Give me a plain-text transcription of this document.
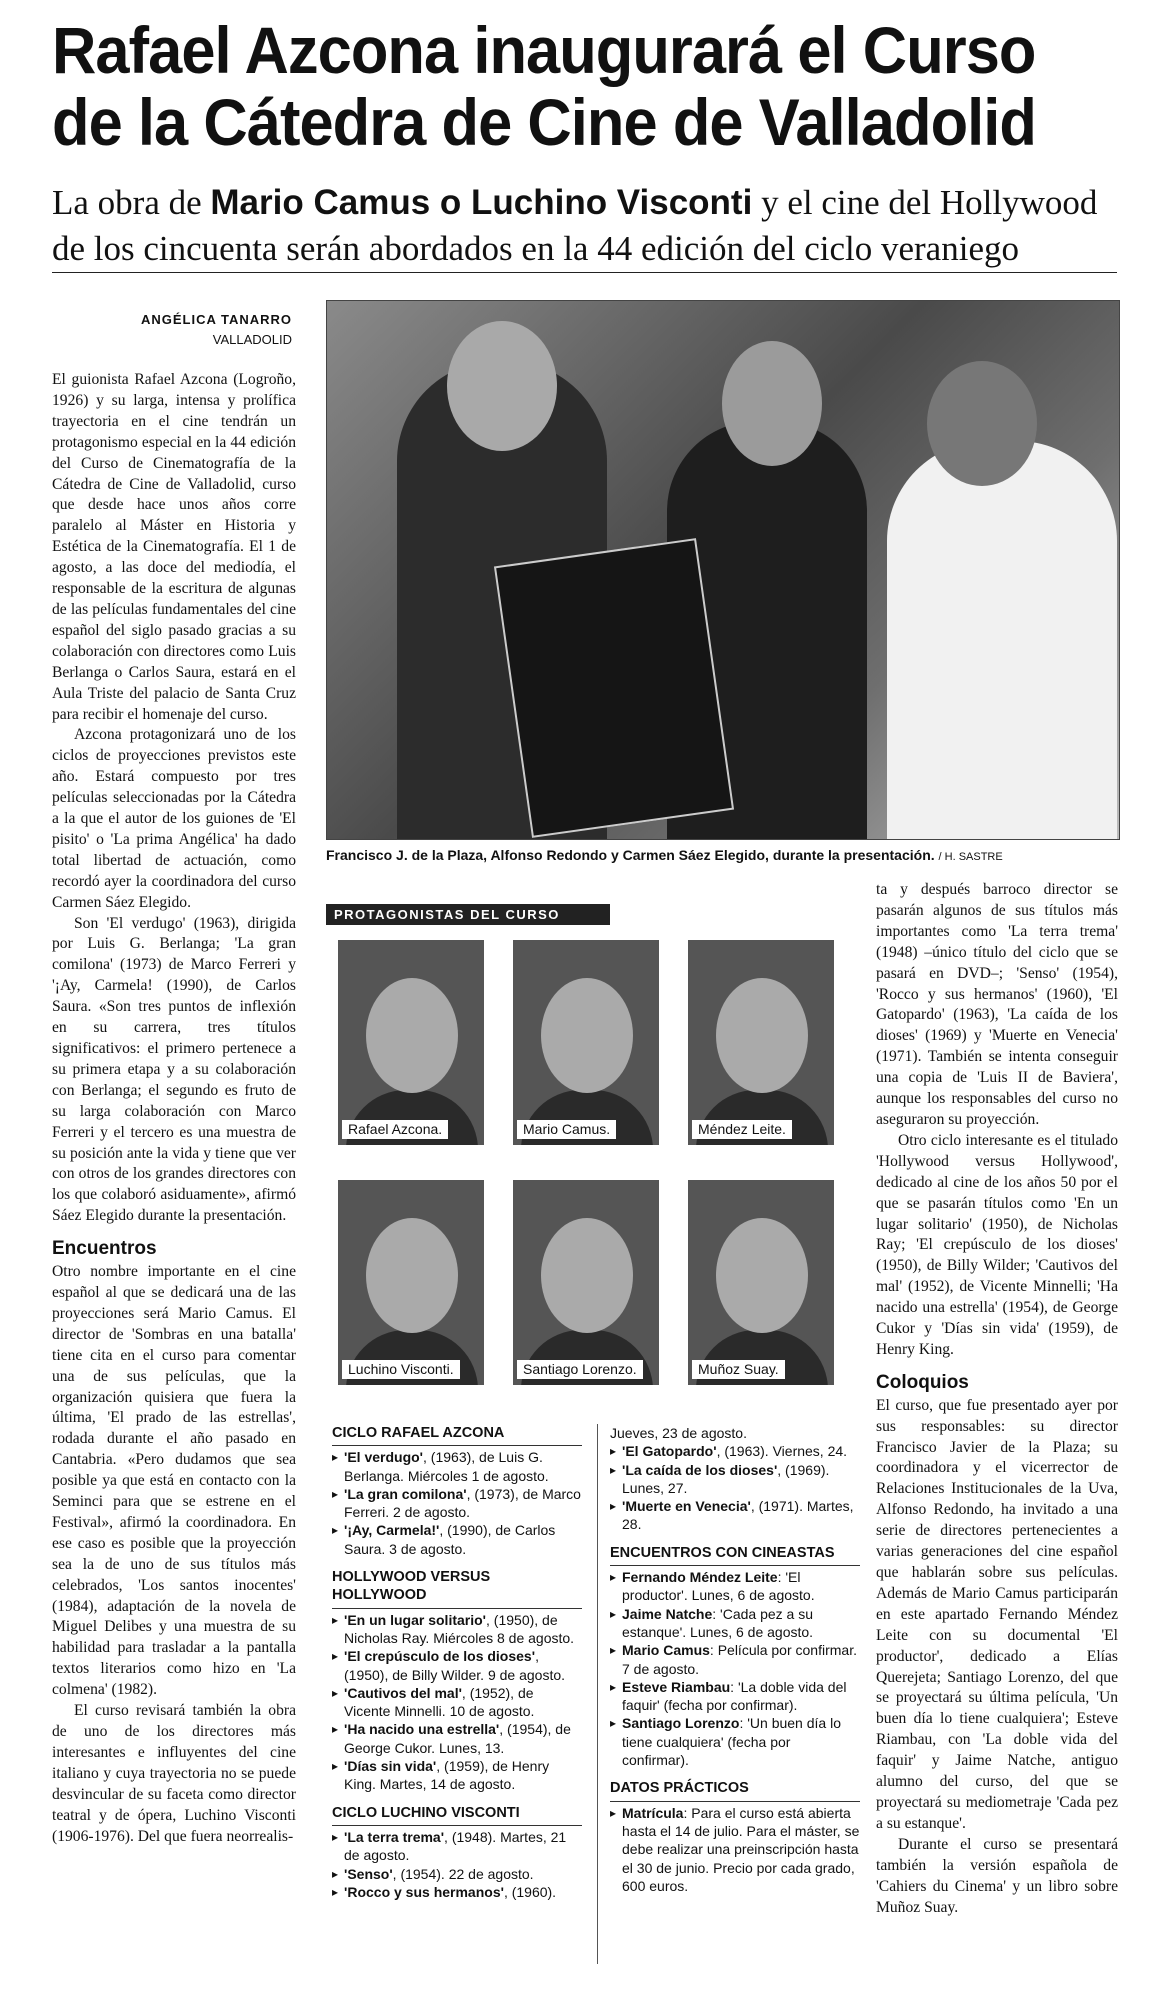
Rafael Azcona inaugurará el Curso
de la Cátedra de Cine de Valladolid
La obra de Mario Camus o Luchino Visconti y el cine del Hollywood
de los cincuenta serán abordados en la 44 edición del ciclo veraniego
ANGÉLICA TANARRO
VALLADOLID

El guionista Rafael Azcona (Logroño, 1926) y su larga, intensa y prolífica trayectoria en el cine tendrán un protagonismo especial en la 44 edición del Curso de Cinematografía de la Cátedra de Cine de Valladolid, curso que desde hace unos años corre paralelo al Máster en Historia y Estética de la Cinematografía. El 1 de agosto, a las doce del mediodía, el responsable de la escritura de algunas de las películas fundamentales del cine español del siglo pasado gracias a su colaboración con directores como Luis Berlanga o Carlos Saura, estará en el Aula Triste del palacio de Santa Cruz para recibir el homenaje del curso.

Azcona protagonizará uno de los ciclos de proyecciones previstos este año. Estará compuesto por tres películas seleccionadas por la Cátedra a la que el autor de los guiones de 'El pisito' o 'La prima Angélica' ha dado total libertad de actuación, como recordó ayer la coordinadora del curso Carmen Sáez Elegido.

Son 'El verdugo' (1963), dirigida por Luis G. Berlanga; 'La gran comilona' (1973) de Marco Ferreri y '¡Ay, Carmela! (1990), de Carlos Saura. «Son tres puntos de inflexión en su carrera, tres títulos significativos: el primero pertenece a su primera etapa y a su colaboración con Berlanga; el segundo es fruto de su larga colaboración con Marco Ferreri y el tercero es una muestra de su posición ante la vida y tiene que ver con otros de los grandes directores con los que colaboró asiduamente», afirmó Sáez Elegido durante la presentación.

Encuentros

Otro nombre importante en el cine español al que se dedicará una de las proyecciones será Mario Camus. El director de 'Sombras en una batalla' tiene cita en el curso para comentar una de sus películas, que la organización quisiera que fuera la última, 'El prado de las estrellas', rodada durante el año pasado en Cantabria. «Pero dudamos que sea posible ya que está en contacto con la Seminci para que se estrene en el Festival», afirmó la coordinadora. En ese caso es posible que la proyección sea la de uno de sus títulos más celebrados, 'Los santos inocentes' (1984), adaptación de la novela de Miguel Delibes y una muestra de su habilidad para trasladar a la pantalla textos literarios como hizo en 'La colmena' (1982).

El curso revisará también la obra de uno de los directores más interesantes e influyentes del cine italiano y cuya trayectoria no se puede desvincular de su faceta como director teatral y de ópera, Luchino Visconti (1906-1976). Del que fuera neorrealis-

Francisco J. de la Plaza, Alfonso Redondo y Carmen Sáez Elegido, durante la presentación. / H. SASTRE
PROTAGONISTAS DEL CURSO
Rafael Azcona.	Mario Camus.	Méndez Leite.
Luchino Visconti.	Santiago Lorenzo.	Muñoz Suay.
CICLO RAFAEL AZCONA
▸ 'El verdugo', (1963), de Luis G. Berlanga. Miércoles 1 de agosto.
▸ 'La gran comilona', (1973), de Marco Ferreri. 2 de agosto.
▸ '¡Ay, Carmela!', (1990), de Carlos Saura. 3 de agosto.
HOLLYWOOD VERSUS HOLLYWOOD
▸ 'En un lugar solitario', (1950), de Nicholas Ray. Miércoles 8 de agosto.
▸ 'El crepúsculo de los dioses', (1950), de Billy Wilder. 9 de agosto.
▸ 'Cautivos del mal', (1952), de Vicente Minnelli. 10 de agosto.
▸ 'Ha nacido una estrella', (1954), de George Cukor. Lunes, 13.
▸ 'Días sin vida', (1959), de Henry King. Martes, 14 de agosto.
CICLO LUCHINO VISCONTI
▸ 'La terra trema', (1948). Martes, 21 de agosto.
▸ 'Senso', (1954). 22 de agosto.
▸ 'Rocco y sus hermanos', (1960).
Jueves, 23 de agosto.
▸ 'El Gatopardo', (1963). Viernes, 24.
▸ 'La caída de los dioses', (1969). Lunes, 27.
▸ 'Muerte en Venecia', (1971). Martes, 28.
ENCUENTROS CON CINEASTAS
▸ Fernando Méndez Leite: 'El productor'. Lunes, 6 de agosto.
▸ Jaime Natche: 'Cada pez a su estanque'. Lunes, 6 de agosto.
▸ Mario Camus: Película por confirmar. 7 de agosto.
▸ Esteve Riambau: 'La doble vida del faquir' (fecha por confirmar).
▸ Santiago Lorenzo: 'Un buen día lo tiene cualquiera' (fecha por confirmar).
DATOS PRÁCTICOS
▸ Matrícula: Para el curso está abierta hasta el 14 de julio. Para el máster, se debe realizar una preinscripción hasta el 30 de junio. Precio por cada grado, 600 euros.

ta y después barroco director se pasarán algunos de sus títulos más importantes como 'La terra trema' (1948) –único título del ciclo que se pasará en DVD–; 'Senso' (1954), 'Rocco y sus hermanos' (1960), 'El Gatopardo' (1963), 'La caída de los dioses' (1969) y 'Muerte en Venecia' (1971). También se intenta conseguir una copia de 'Luis II de Baviera', aunque los responsables del curso no aseguraron su proyección.

Otro ciclo interesante es el titulado 'Hollywood versus Hollywood', dedicado al cine de los años 50 por el que se pasarán títulos como 'En un lugar solitario' (1950), de Nicholas Ray; 'El crepúsculo de los dioses' (1950), de Billy Wilder; 'Cautivos del mal' (1952), de Vicente Minnelli; 'Ha nacido una estrella' (1954), de George Cukor y 'Días sin vida' (1959), de Henry King.

Coloquios

El curso, que fue presentado ayer por sus responsables: su director Francisco Javier de la Plaza; su coordinadora y el vicerrector de Relaciones Institucionales de la Uva, Alfonso Redondo, ha invitado a una serie de directores pertenecientes a varias generaciones del cine español que hablarán sobre sus películas. Además de Mario Camus participarán en este apartado Fernando Méndez Leite con su documental 'El productor', dedicado a Elías Querejeta; Santiago Lorenzo, del que se proyectará su última película, 'Un buen día lo tiene cualquiera'; Esteve Riambau, con 'La doble vida del faquir' y Jaime Natche, antiguo alumno del curso, del que se proyectará su mediometraje 'Cada pez a su estanque'.

Durante el curso se presentará también la versión española de 'Cahiers du Cinema' y un libro sobre Muñoz Suay.
